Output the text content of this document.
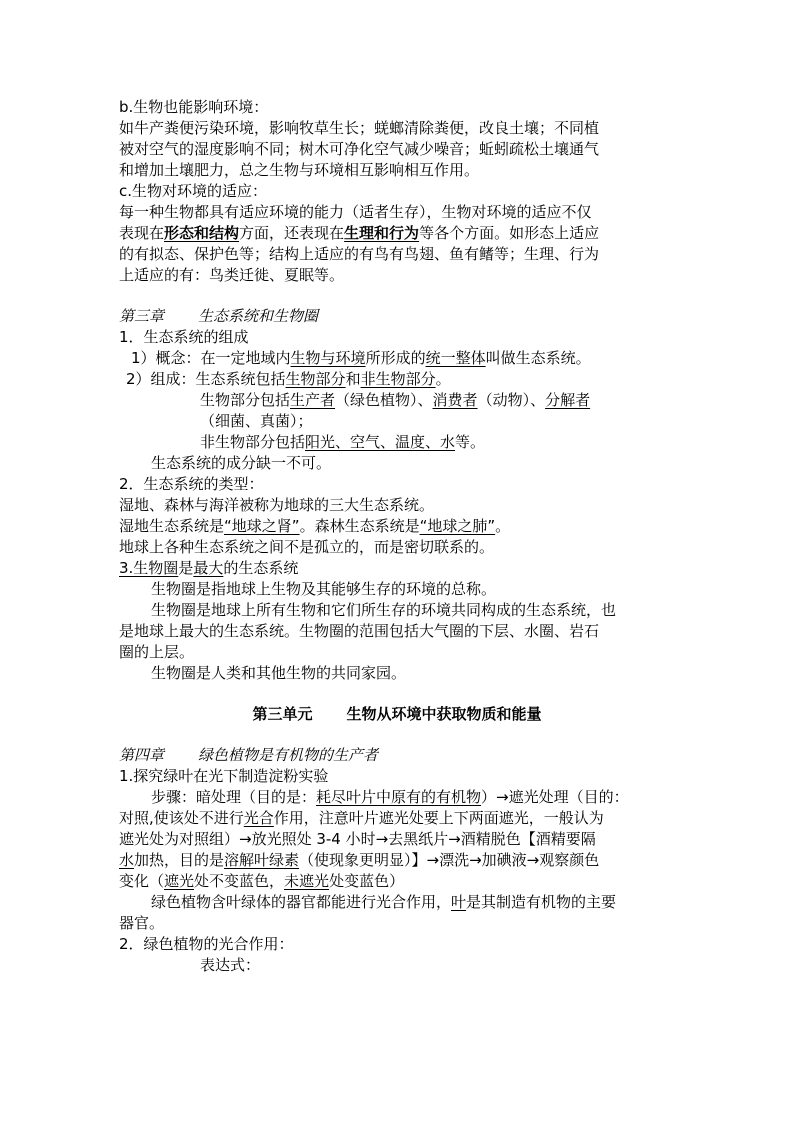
b.生物也能影响环境：
如牛产粪便污染环境，影响牧草生长；蜣螂清除粪便，改良土壤；不同植
被对空气的湿度影响不同；树木可净化空气减少噪音；蚯蚓疏松土壤通气
和增加土壤肥力，总之生物与环境相互影响相互作用。
c.生物对环境的适应：
每一种生物都具有适应环境的能力（适者生存），生物对环境的适应不仅
表现在形态和结构方面，还表现在生理和行为等各个方面。如形态上适应
的有拟态、保护色等；结构上适应的有鸟有鸟翅、鱼有鳍等；生理、行为
上适应的有：鸟类迁徙、夏眠等。
第三章 生态系统和生物圈
1．生态系统的组成
1）概念：在一定地域内生物与环境所形成的统一整体叫做生态系统。
2）组成：生态系统包括生物部分和非生物部分。
生物部分包括生产者（绿色植物）、消费者（动物）、分解者
（细菌、真菌）；
非生物部分包括阳光、空气、温度、水等。
生态系统的成分缺一不可。
2．生态系统的类型：
湿地、森林与海洋被称为地球的三大生态系统。
湿地生态系统是“地球之肾”。森林生态系统是“地球之肺”。
地球上各种生态系统之间不是孤立的，而是密切联系的。
3.生物圈是最大的生态系统
生物圈是指地球上生物及其能够生存的环境的总称。
生物圈是地球上所有生物和它们所生存的环境共同构成的生态系统，也
是地球上最大的生态系统。生物圈的范围包括大气圈的下层、水圈、岩石
圈的上层。
生物圈是人类和其他生物的共同家园。
第三单元 生物从环境中获取物质和能量
第四章 绿色植物是有机物的生产者
1.探究绿叶在光下制造淀粉实验
步骤：暗处理（目的是：耗尽叶片中原有的有机物）→遮光处理（目的：
对照,使该处不进行光合作用，注意叶片遮光处要上下两面遮光，一般认为
遮光处为对照组）→放光照处 3-4 小时→去黑纸片→酒精脱色【酒精要隔
水加热，目的是溶解叶绿素（使现象更明显）】→漂洗→加碘液→观察颜色
变化（遮光处不变蓝色，未遮光处变蓝色）
绿色植物含叶绿体的器官都能进行光合作用，叶是其制造有机物的主要
器官。
2．绿色植物的光合作用：
表达式：
